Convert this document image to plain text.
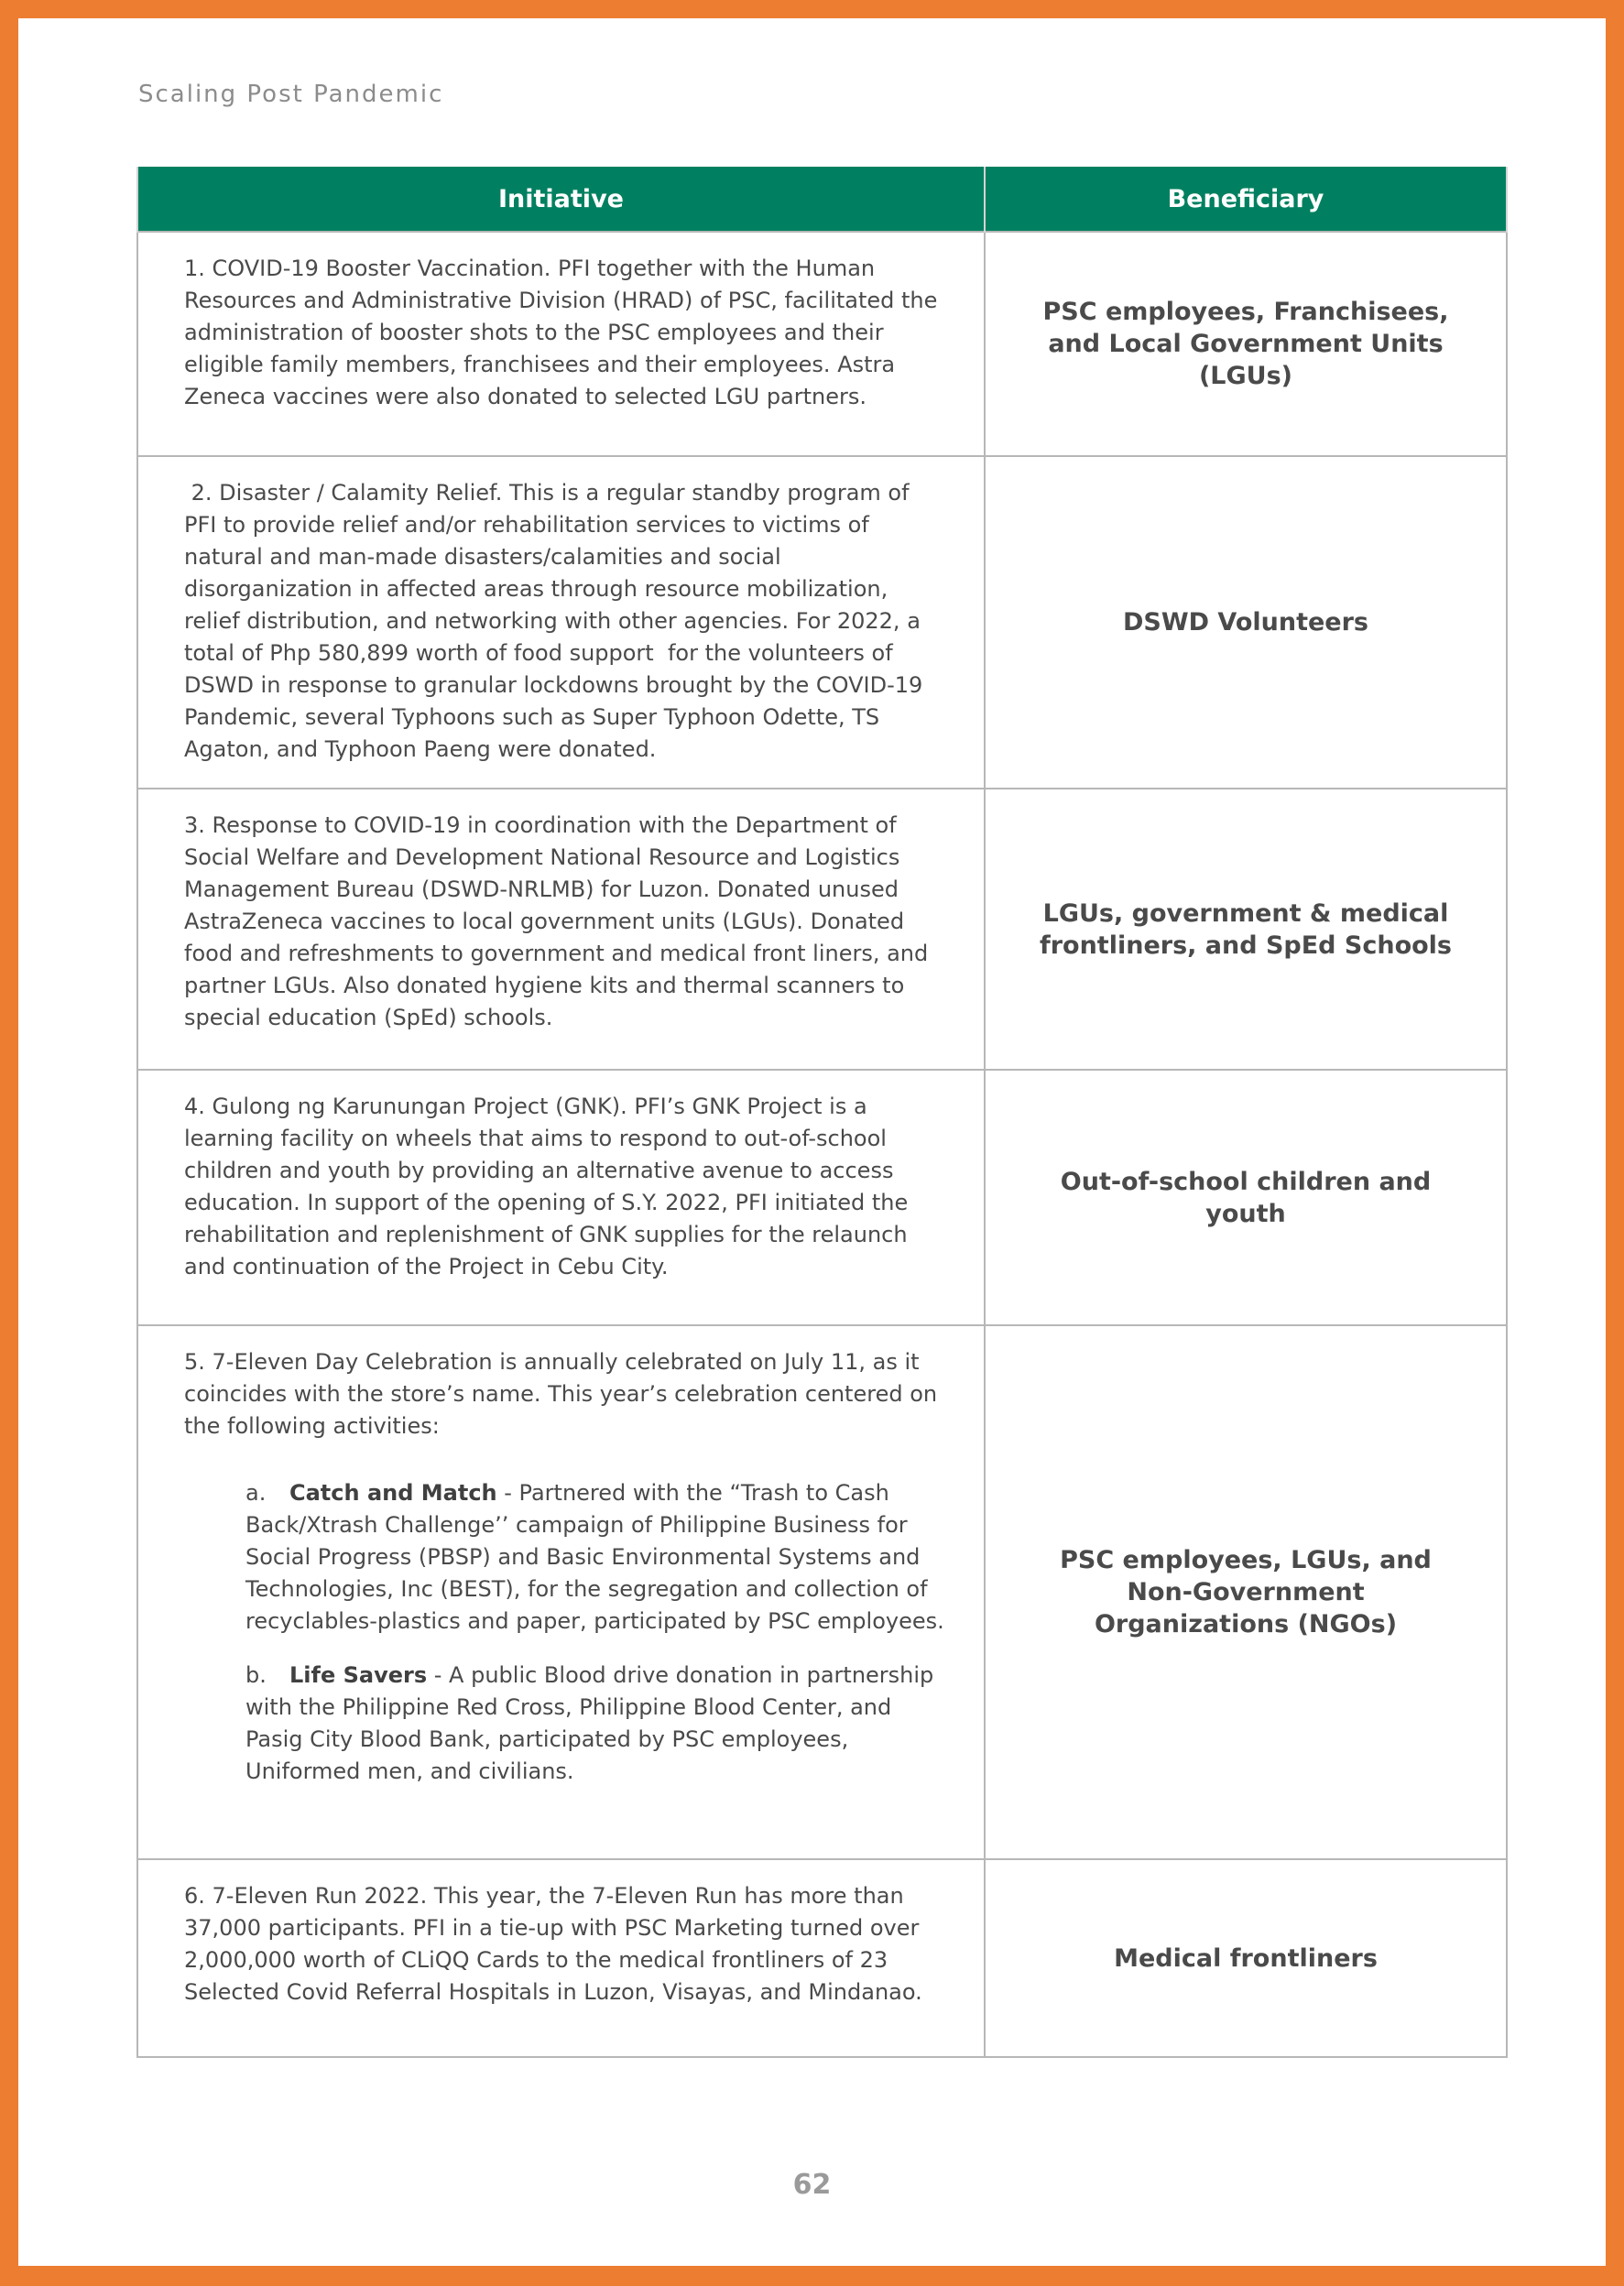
Scaling Post Pandemic
Initiative	Beneficiary
1. COVID-19 Booster Vaccination. PFI together with the Human Resources and Administrative Division (HRAD) of PSC, facilitated the administration of booster shots to the PSC employees and their eligible family members, franchisees and their employees. Astra Zeneca vaccines were also donated to selected LGU partners.	PSC employees, Franchisees, and Local Government Units (LGUs)
2. Disaster / Calamity Relief. This is a regular standby program of PFI to provide relief and/or rehabilitation services to victims of natural and man-made disasters/calamities and social disorganization in affected areas through resource mobilization, relief distribution, and networking with other agencies. For 2022, a total of Php 580,899 worth of food support  for the volunteers of DSWD in response to granular lockdowns brought by the COVID-19 Pandemic, several Typhoons such as Super Typhoon Odette, TS Agaton, and Typhoon Paeng were donated.	DSWD Volunteers
3. Response to COVID-19 in coordination with the Department of Social Welfare and Development National Resource and Logistics Management Bureau (DSWD-NRLMB) for Luzon. Donated unused AstraZeneca vaccines to local government units (LGUs). Donated food and refreshments to government and medical front liners, and partner LGUs. Also donated hygiene kits and thermal scanners to special education (SpEd) schools.	LGUs, government & medical frontliners, and SpEd Schools
4. Gulong ng Karunungan Project (GNK). PFI’s GNK Project is a learning facility on wheels that aims to respond to out-of-school children and youth by providing an alternative avenue to access education. In support of the opening of S.Y. 2022, PFI initiated the rehabilitation and replenishment of GNK supplies for the relaunch and continuation of the Project in Cebu City.	Out-of-school children and youth

5. 7-Eleven Day Celebration is annually celebrated on July 11, as it coincides with the store’s name. This year’s celebration centered on the following activities:
a. Catch and Match - Partnered with the “Trash to Cash Back/Xtrash Challenge’’ campaign of Philippine Business for Social Progress (PBSP) and Basic Environmental Systems and Technologies, Inc (BEST), for the segregation and collection of recyclables-plastics and paper, participated by PSC employees.
b. Life Savers - A public Blood drive donation in partnership with the Philippine Red Cross, Philippine Blood Center, and Pasig City Blood Bank, participated by PSC employees, Uniformed men, and civilians.	PSC employees, LGUs, and Non-Government Organizations (NGOs)
6. 7-Eleven Run 2022. This year, the 7-Eleven Run has more than 37,000 participants. PFI in a tie-up with PSC Marketing turned over 2,000,000 worth of CLiQQ Cards to the medical frontliners of 23 Selected Covid Referral Hospitals in Luzon, Visayas, and Mindanao.	Medical frontliners
62
